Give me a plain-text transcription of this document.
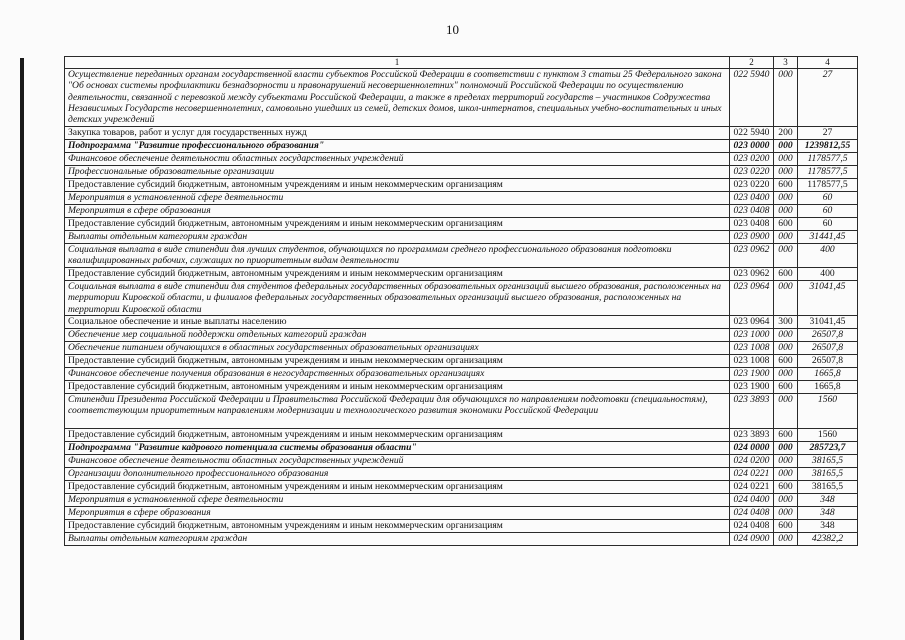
10
1	2	3	4
Осуществление переданных органам государственной власти субъектов Российской Федерации в соответствии с пунктом 3 статьи 25 Федерального закона "Об основах системы профилактики безнадзорности и правонарушений несовершеннолетних" полномочий Российской Федерации по осуществлению деятельности, связанной с перевозкой между субъектами Российской Федерации, а также в пределах территорий государств – участников Содружества Независимых Государств несовершеннолетних, самовольно ушедших из семей, детских домов, школ-интернатов, специальных учебно-воспитательных и иных детских учреждений	022 5940	000	27
Закупка товаров, работ и услуг для государственных нужд	022 5940	200	27
Подпрограмма "Развитие профессионального образования"	023 0000	000	1239812,55
Финансовое обеспечение деятельности областных государственных учреждений	023 0200	000	1178577,5
Профессиональные образовательные организации	023 0220	000	1178577,5
Предоставление субсидий бюджетным, автономным учреждениям и иным некоммерческим организациям	023 0220	600	1178577,5
Мероприятия в установленной сфере деятельности	023 0400	000	60
Мероприятия в сфере образования	023 0408	000	60
Предоставление субсидий бюджетным, автономным учреждениям и иным некоммерческим организациям	023 0408	600	60
Выплаты отдельным категориям граждан	023 0900	000	31441,45
Социальная выплата в виде стипендии для лучших студентов, обучающихся по программам среднего профессионального образования подготовки квалифицированных рабочих, служащих по приоритетным видам деятельности	023 0962	000	400
Предоставление субсидий бюджетным, автономным учреждениям и иным некоммерческим организациям	023 0962	600	400
Социальная выплата в виде стипендии для студентов федеральных государственных образовательных организаций высшего образования, расположенных на территории Кировской области, и филиалов федеральных государственных образовательных организаций высшего образования, расположенных на территории Кировской области	023 0964	000	31041,45
Социальное обеспечение и иные выплаты населению	023 0964	300	31041,45
Обеспечение мер социальной поддержки отдельных категорий граждан	023 1000	000	26507,8
Обеспечение питанием обучающихся в областных государственных образовательных организациях	023 1008	000	26507,8
Предоставление субсидий бюджетным, автономным учреждениям и иным некоммерческим организациям	023 1008	600	26507,8
Финансовое обеспечение получения образования в негосударственных образовательных организациях	023 1900	000	1665,8
Предоставление субсидий бюджетным, автономным учреждениям и иным некоммерческим организациям	023 1900	600	1665,8
Стипендии Президента Российской Федерации и Правительства Российской Федерации для обучающихся по направлениям подготовки (специальностям), соответствующим приоритетным направлениям модернизации и технологического развития экономики Российской Федерации	023 3893	000	1560
Предоставление субсидий бюджетным, автономным учреждениям и иным некоммерческим организациям	023 3893	600	1560
Подпрограмма "Развитие кадрового потенциала системы образования области"	024 0000	000	285723,7
Финансовое обеспечение деятельности областных государственных учреждений	024 0200	000	38165,5
Организации дополнительного профессионального образования	024 0221	000	38165,5
Предоставление субсидий бюджетным, автономным учреждениям и иным некоммерческим организациям	024 0221	600	38165,5
Мероприятия в установленной сфере деятельности	024 0400	000	348
Мероприятия в сфере образования	024 0408	000	348
Предоставление субсидий бюджетным, автономным учреждениям и иным некоммерческим организациям	024 0408	600	348
Выплаты отдельным категориям граждан	024 0900	000	42382,2
